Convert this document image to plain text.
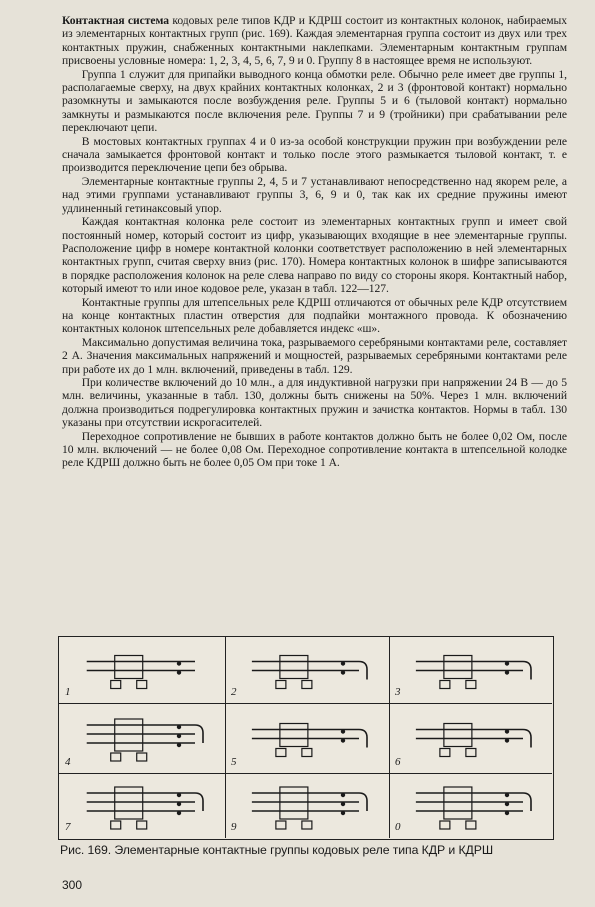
Контактная система кодовых реле типов КДР и КДРШ состоит из контактных колонок, набираемых из элементарных контактных групп (рис. 169). Каждая элементарная группа состоит из двух или трех контактных пружин, снабженных контактными наклепками. Элементарным контактным группам присвоены условные номера: 1, 2, 3, 4, 5, 6, 7, 9 и 0. Группу 8 в настоящее время не используют.

Группа 1 служит для припайки выводного конца обмотки реле. Обычно реле имеет две группы 1, располагаемые сверху, на двух крайних контактных колонках, 2 и 3 (фронтовой контакт) нормально разомкнуты и замыкаются после возбуждения реле. Группы 5 и 6 (тыловой контакт) нормально замкнуты и размыкаются после включения реле. Группы 7 и 9 (тройники) при срабатывании реле переключают цепи.

В мостовых контактных группах 4 и 0 из-за особой конструкции пружин при возбуждении реле сначала замыкается фронтовой контакт и только после этого размыкается тыловой контакт, т. е производится переключение цепи без обрыва.

Элементарные контактные группы 2, 4, 5 и 7 устанавливают непосредственно над якорем реле, а над этими группами устанавливают группы 3, 6, 9 и 0, так как их средние пружины имеют удлиненный гетинаксовый упор.

Каждая контактная колонка реле состоит из элементарных контактных групп и имеет свой постоянный номер, который состоит из цифр, указывающих входящие в нее элементарные группы. Расположение цифр в номере контактной колонки соответствует расположению в ней элементарных контактных групп, считая сверху вниз (рис. 170). Номера контактных колонок в шифре записываются в порядке расположения колонок на реле слева направо по виду со стороны якоря. Контактный набор, который имеют то или иное кодовое реле, указан в табл. 122—127.

Контактные группы для штепсельных реле КДРШ отличаются от обычных реле КДР отсутствием на конце контактных пластин отверстия для подпайки монтажного провода. К обозначению контактных колонок штепсельных реле добавляется индекс «ш».

Максимально допустимая величина тока, разрываемого серебряными контактами реле, составляет 2 А. Значения максимальных напряжений и мощностей, разрываемых серебряными контактами реле при работе их до 1 млн. включений, приведены в табл. 129.

При количестве включений до 10 млн., а для индуктивной нагрузки при напряжении 24 В — до 5 млн. величины, указанные в табл. 130, должны быть снижены на 50%. Через 1 млн. включений должна производиться подрегулировка контактных пружин и зачистка контактов. Нормы в табл. 130 указаны при отсутствии искрогасителей.

Переходное сопротивление не бывших в работе контактов должно быть не более 0,02 Ом, после 10 млн. включений — не более 0,08 Ом. Переходное сопротивление контакта в штепсельной колодке реле КДРШ должно быть не более 0,05 Ом при токе 1 А.

1	2	3
4	5	6
7	9	0
Рис. 169. Элементарные контактные группы кодовых реле типа КДР и КДРШ
300
